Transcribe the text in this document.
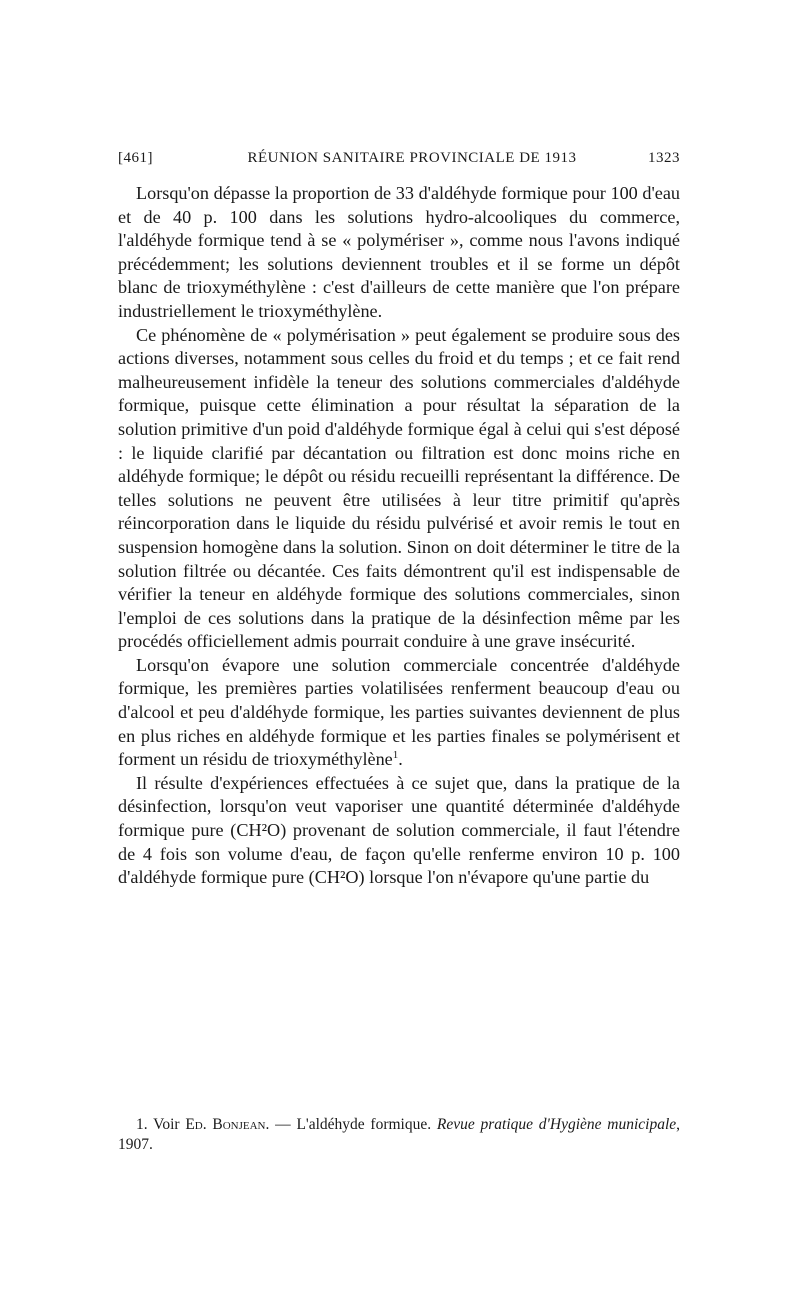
[461]	RÉUNION SANITAIRE PROVINCIALE DE 1913	1323

Lorsqu'on dépasse la proportion de 33 d'aldéhyde formique pour 100 d'eau et de 40 p. 100 dans les solutions hydro-alcooliques du commerce, l'aldéhyde formique tend à se « polymériser », comme nous l'avons indiqué précédemment; les solutions deviennent troubles et il se forme un dépôt blanc de trioxyméthylène : c'est d'ailleurs de cette manière que l'on prépare industriellement le trioxyméthylène.

Ce phénomène de « polymérisation » peut également se produire sous des actions diverses, notamment sous celles du froid et du temps ; et ce fait rend malheureusement infidèle la teneur des solutions commerciales d'aldéhyde formique, puisque cette élimination a pour résultat la séparation de la solution primitive d'un poid d'aldéhyde formique égal à celui qui s'est déposé : le liquide clarifié par décantation ou filtration est donc moins riche en aldéhyde formique; le dépôt ou résidu recueilli représentant la différence. De telles solutions ne peuvent être utilisées à leur titre primitif qu'après réincorporation dans le liquide du résidu pulvérisé et avoir remis le tout en suspension homogène dans la solution. Sinon on doit déterminer le titre de la solution filtrée ou décantée. Ces faits démontrent qu'il est indispensable de vérifier la teneur en aldéhyde formique des solutions commerciales, sinon l'emploi de ces solutions dans la pratique de la désinfection même par les procédés officiellement admis pourrait conduire à une grave insécurité.

Lorsqu'on évapore une solution commerciale concentrée d'aldéhyde formique, les premières parties volatilisées renferment beaucoup d'eau ou d'alcool et peu d'aldéhyde formique, les parties suivantes deviennent de plus en plus riches en aldéhyde formique et les parties finales se polymérisent et forment un résidu de trioxyméthylène$^1$.

Il résulte d'expériences effectuées à ce sujet que, dans la pratique de la désinfection, lorsqu'on veut vaporiser une quantité déterminée d'aldéhyde formique pure (CH²O) provenant de solution commerciale, il faut l'étendre de 4 fois son volume d'eau, de façon qu'elle renferme environ 10 p. 100 d'aldéhyde formique pure (CH²O) lorsque l'on n'évapore qu'une partie du

1. Voir Ed. Bonjean. — L'aldéhyde formique. Revue pratique d'Hygiène municipale, 1907.
